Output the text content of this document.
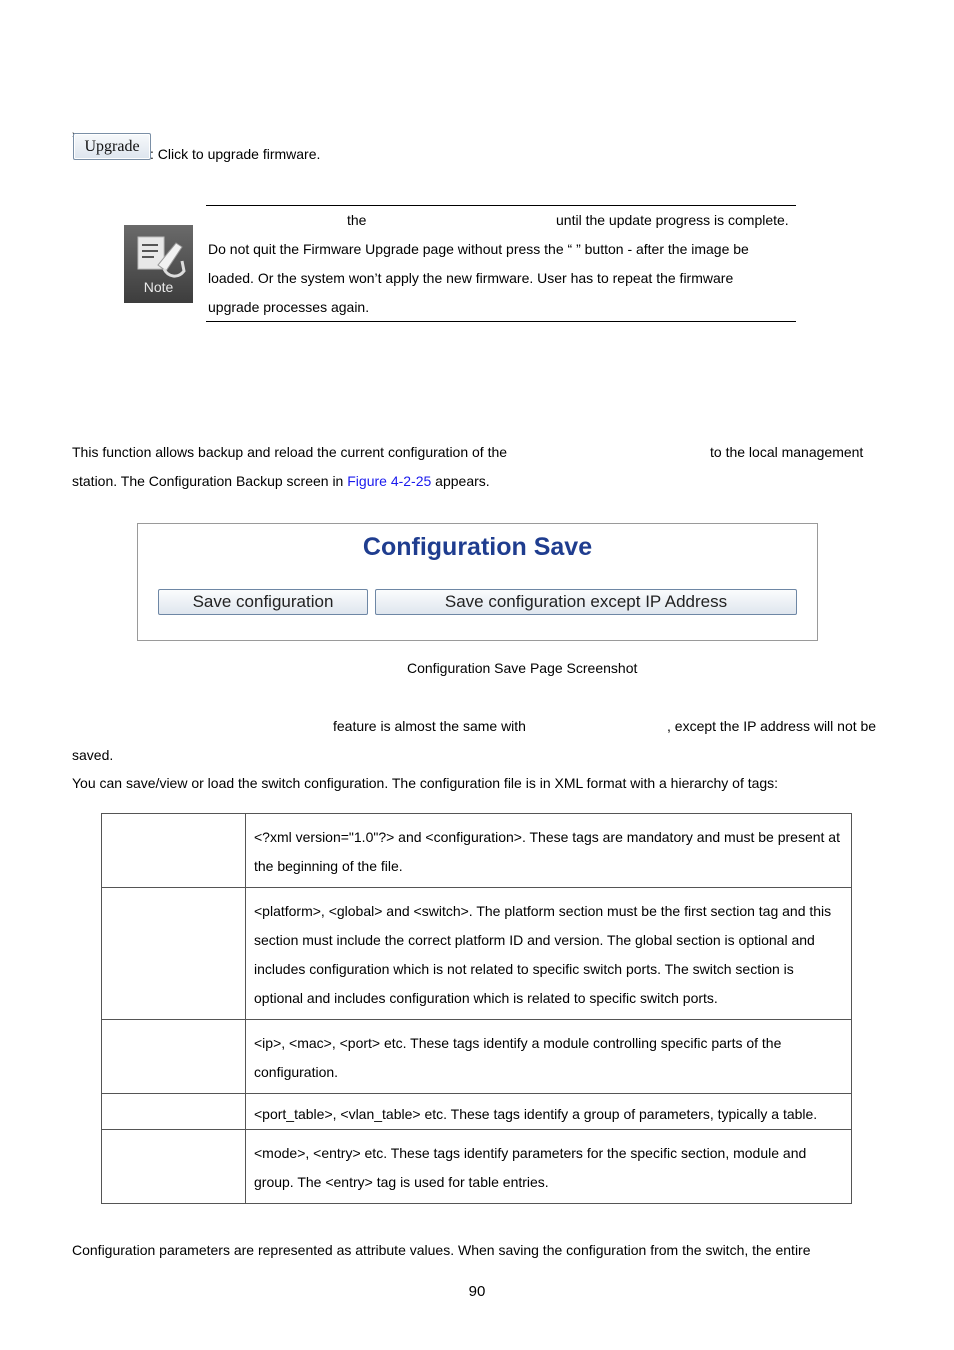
Upgrade : Click to upgrade firmware.
Note
the	until the update progress is complete.
Do not quit the Firmware Upgrade page without press the “ ” button - after the image be
loaded. Or the system won’t apply the new firmware. User has to repeat the firmware
upgrade processes again.
This function allows backup and reload the current configuration of the	to the local management
station. The Configuration Backup screen in Figure 4-2-25 appears.
Configuration Save
Save configuration	Save configuration except IP Address
Configuration Save Page Screenshot
feature is almost the same with	, except the IP address will not be
saved.
You can save/view or load the switch configuration. The configuration file is in XML format with a hierarchy of tags:
	<?xml version="1.0"?> and <configuration>. These tags are mandatory and must be present at the beginning of the file.
	<platform>, <global> and <switch>. The platform section must be the first section tag and this section must include the correct platform ID and version. The global section is optional and includes configuration which is not related to specific switch ports. The switch section is optional and includes configuration which is related to specific switch ports.
	<ip>, <mac>, <port> etc. These tags identify a module controlling specific parts of the configuration.
	<port_table>, <vlan_table> etc. These tags identify a group of parameters, typically a table.
	<mode>, <entry> etc. These tags identify parameters for the specific section, module and group. The <entry> tag is used for table entries.
Configuration parameters are represented as attribute values. When saving the configuration from the switch, the entire
90
